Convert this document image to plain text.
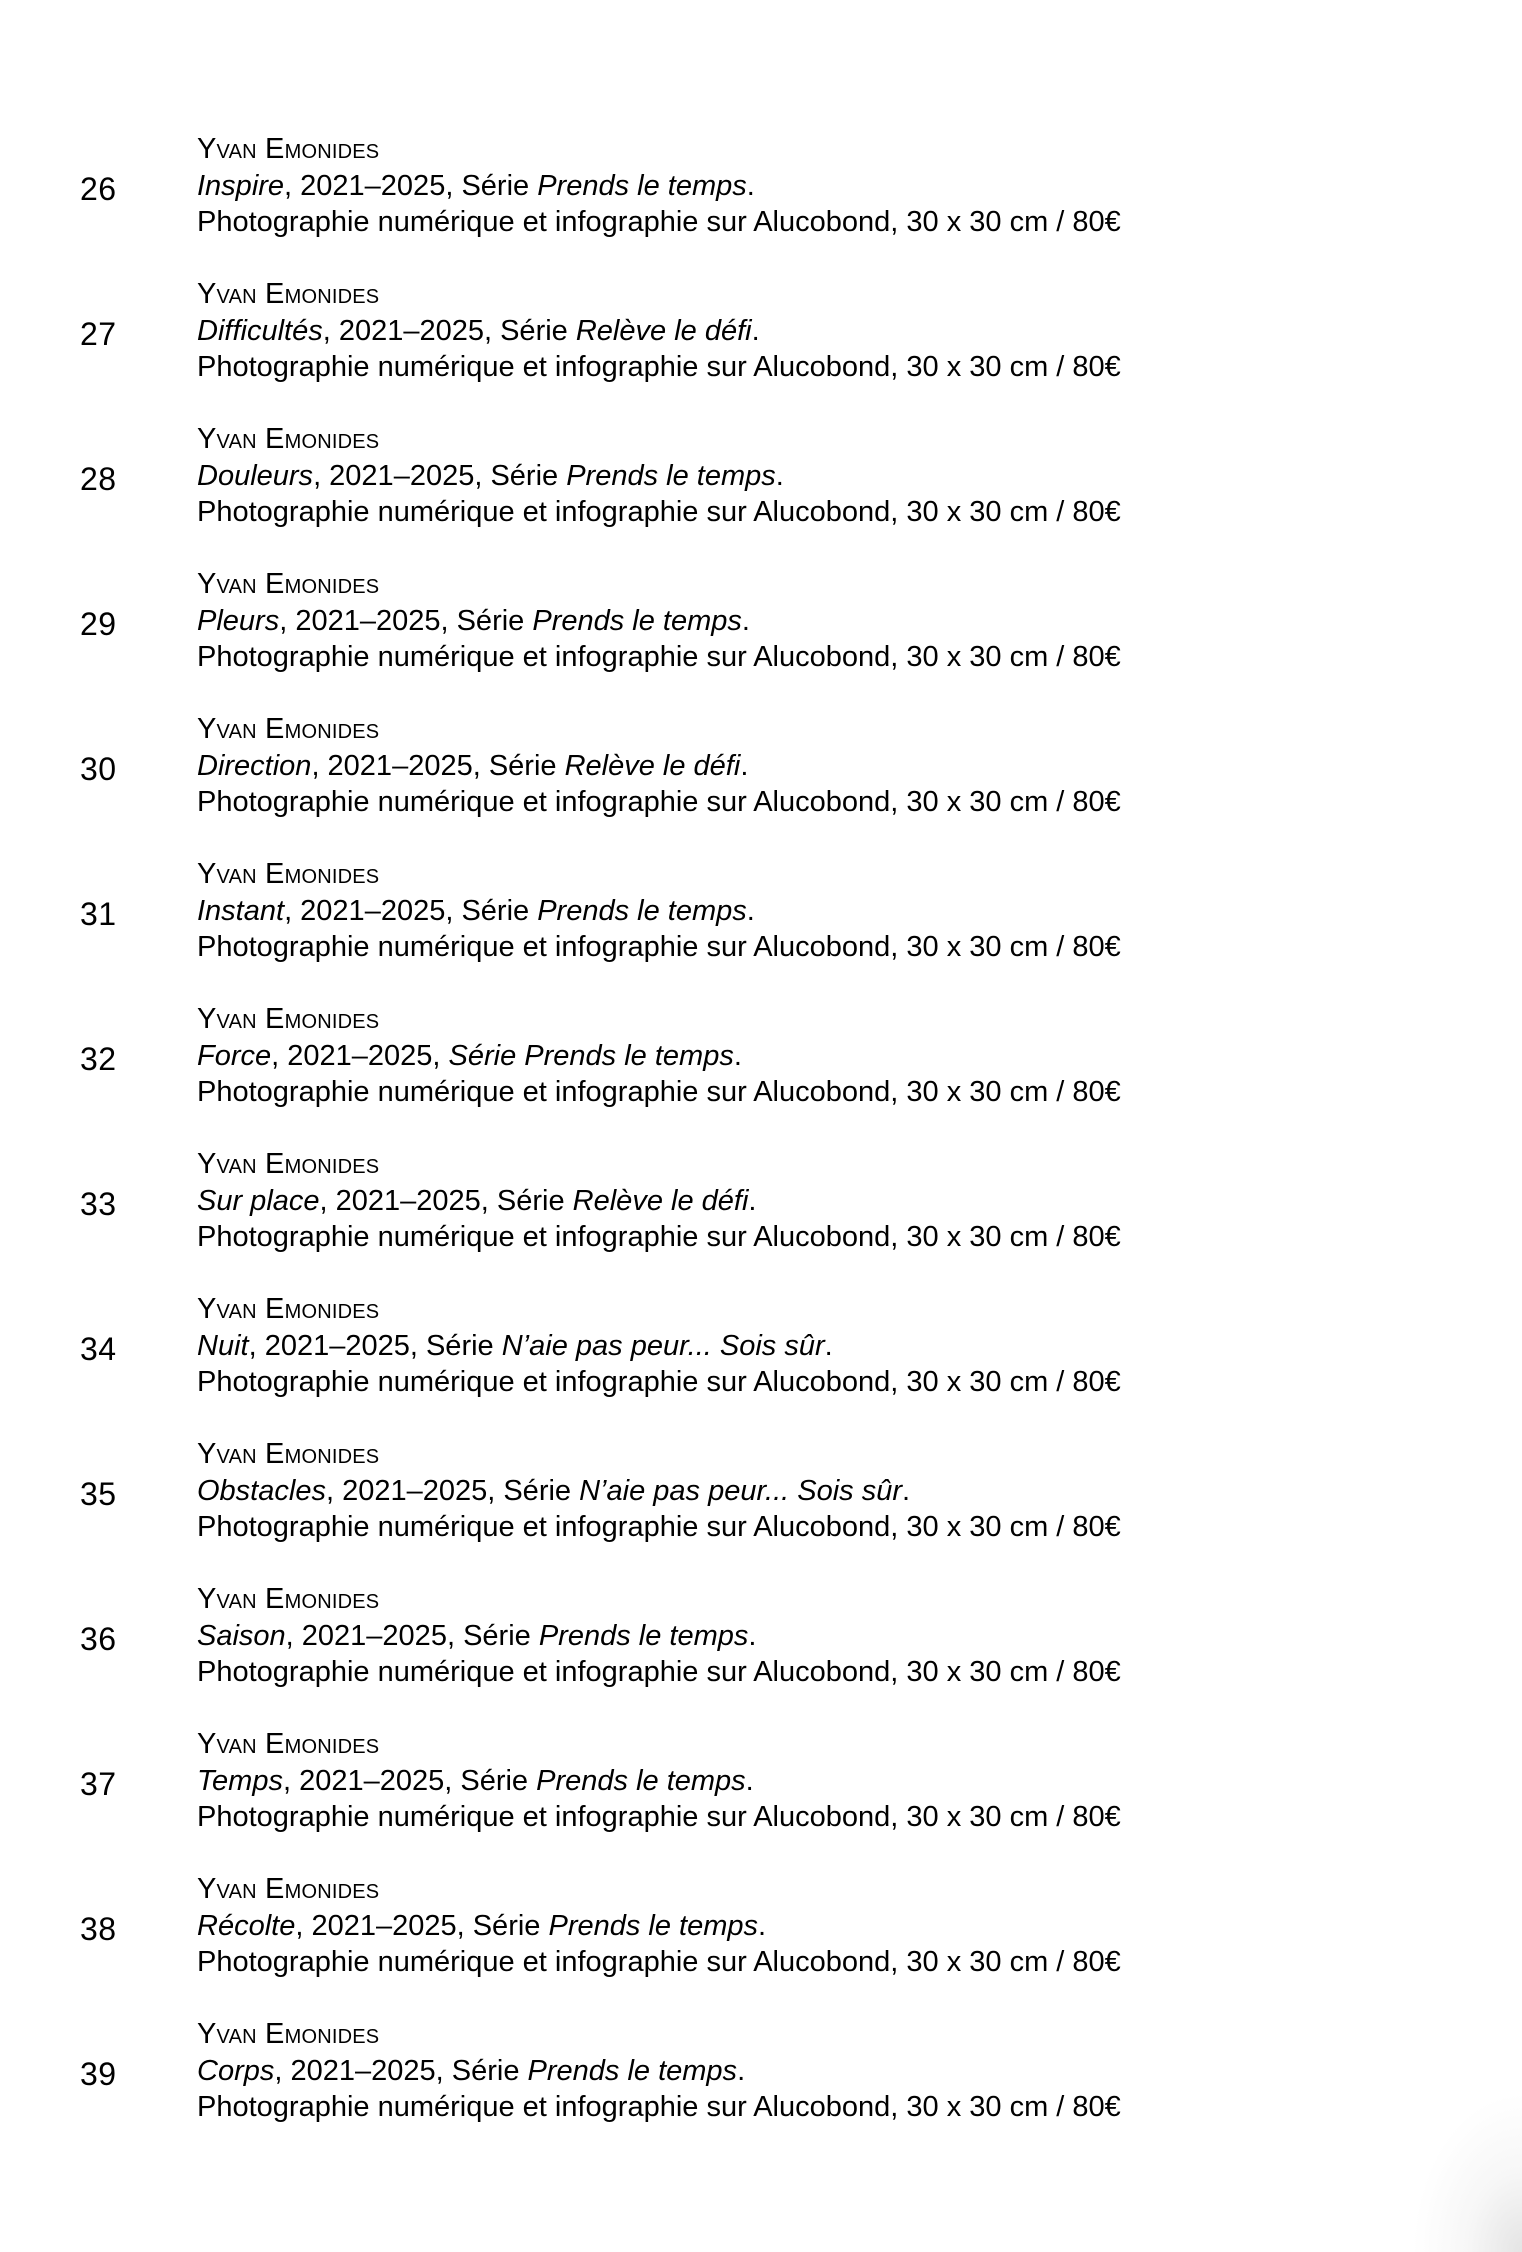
26
Yvan Emonides
Inspire, 2021–2025, Série Prends le temps.
Photographie numérique et infographie sur Alucobond, 30 x 30 cm / 80€
27
Yvan Emonides
Difficultés, 2021–2025, Série Relève le défi.
Photographie numérique et infographie sur Alucobond, 30 x 30 cm / 80€
28
Yvan Emonides
Douleurs, 2021–2025, Série Prends le temps.
Photographie numérique et infographie sur Alucobond, 30 x 30 cm / 80€
29
Yvan Emonides
Pleurs, 2021–2025, Série Prends le temps.
Photographie numérique et infographie sur Alucobond, 30 x 30 cm / 80€
30
Yvan Emonides
Direction, 2021–2025, Série Relève le défi.
Photographie numérique et infographie sur Alucobond, 30 x 30 cm / 80€
31
Yvan Emonides
Instant, 2021–2025, Série Prends le temps.
Photographie numérique et infographie sur Alucobond, 30 x 30 cm / 80€
32
Yvan Emonides
Force, 2021–2025, Série Prends le temps.
Photographie numérique et infographie sur Alucobond, 30 x 30 cm / 80€
33
Yvan Emonides
Sur place, 2021–2025, Série Relève le défi.
Photographie numérique et infographie sur Alucobond, 30 x 30 cm / 80€
34
Yvan Emonides
Nuit, 2021–2025, Série N’aie pas peur... Sois sûr.
Photographie numérique et infographie sur Alucobond, 30 x 30 cm / 80€
35
Yvan Emonides
Obstacles, 2021–2025, Série N’aie pas peur... Sois sûr.
Photographie numérique et infographie sur Alucobond, 30 x 30 cm / 80€
36
Yvan Emonides
Saison, 2021–2025, Série Prends le temps.
Photographie numérique et infographie sur Alucobond, 30 x 30 cm / 80€
37
Yvan Emonides
Temps, 2021–2025, Série Prends le temps.
Photographie numérique et infographie sur Alucobond, 30 x 30 cm / 80€
38
Yvan Emonides
Récolte, 2021–2025, Série Prends le temps.
Photographie numérique et infographie sur Alucobond, 30 x 30 cm / 80€
39
Yvan Emonides
Corps, 2021–2025, Série Prends le temps.
Photographie numérique et infographie sur Alucobond, 30 x 30 cm / 80€
